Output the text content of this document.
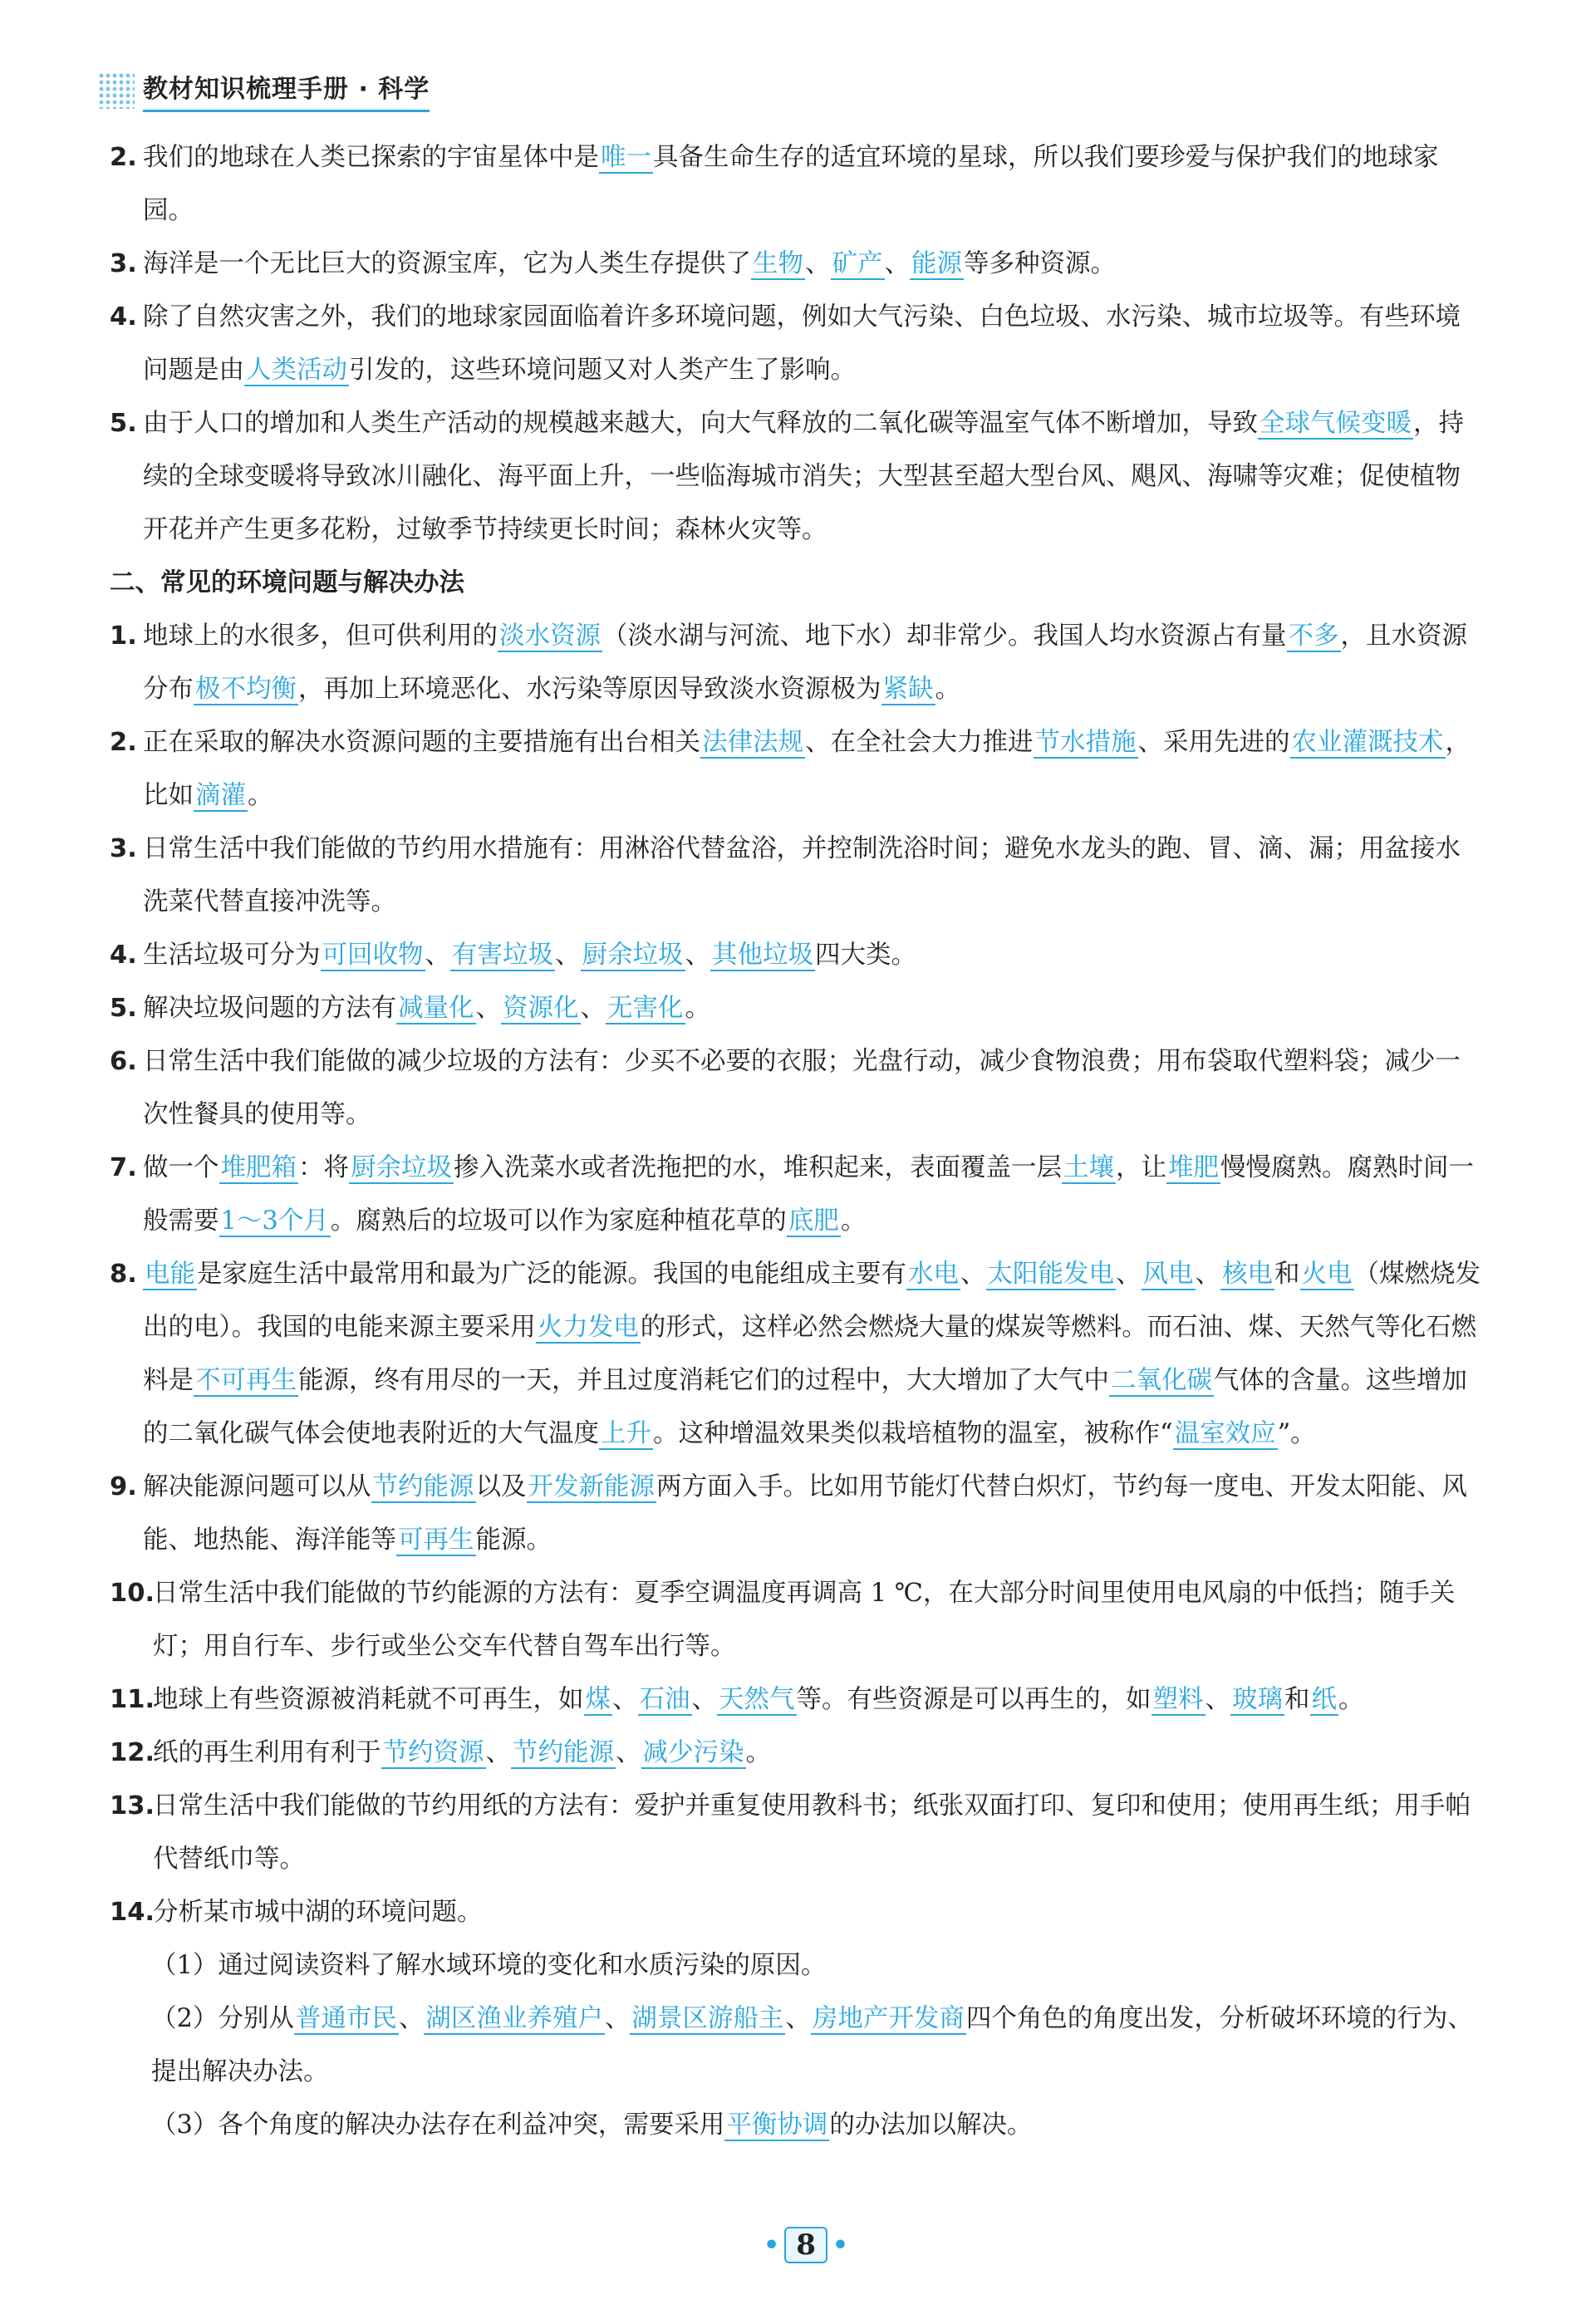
教材知识梳理手册 · 科学
2. 我们的地球在人类已探索的宇宙星体中是唯一具备生命生存的适宜环境的星球，所以我们要珍爱与保护我们的地球家园。
3. 海洋是一个无比巨大的资源宝库，它为人类生存提供了生物、矿产、能源等多种资源。
4. 除了自然灾害之外，我们的地球家园面临着许多环境问题，例如大气污染、白色垃圾、水污染、城市垃圾等。有些环境问题是由人类活动引发的，这些环境问题又对人类产生了影响。
5. 由于人口的增加和人类生产活动的规模越来越大，向大气释放的二氧化碳等温室气体不断增加，导致全球气候变暖，持续的全球变暖将导致冰川融化、海平面上升，一些临海城市消失；大型甚至超大型台风、飓风、海啸等灾难；促使植物开花并产生更多花粉，过敏季节持续更长时间；森林火灾等。
二、常见的环境问题与解决办法
1. 地球上的水很多，但可供利用的淡水资源（淡水湖与河流、地下水）却非常少。我国人均水资源占有量不多，且水资源分布极不均衡，再加上环境恶化、水污染等原因导致淡水资源极为紧缺。
2. 正在采取的解决水资源问题的主要措施有出台相关法律法规、在全社会大力推进节水措施、采用先进的农业灌溉技术，比如滴灌。
3. 日常生活中我们能做的节约用水措施有：用淋浴代替盆浴，并控制洗浴时间；避免水龙头的跑、冒、滴、漏；用盆接水洗菜代替直接冲洗等。
4. 生活垃圾可分为可回收物、有害垃圾、厨余垃圾、其他垃圾四大类。
5. 解决垃圾问题的方法有减量化、资源化、无害化。
6. 日常生活中我们能做的减少垃圾的方法有：少买不必要的衣服；光盘行动，减少食物浪费；用布袋取代塑料袋；减少一次性餐具的使用等。
7. 做一个堆肥箱：将厨余垃圾掺入洗菜水或者洗拖把的水，堆积起来，表面覆盖一层土壤，让堆肥慢慢腐熟。腐熟时间一般需要1～3个月。腐熟后的垃圾可以作为家庭种植花草的底肥。
8. 电能是家庭生活中最常用和最为广泛的能源。我国的电能组成主要有水电、太阳能发电、风电、核电和火电（煤燃烧发出的电）。我国的电能来源主要采用火力发电的形式，这样必然会燃烧大量的煤炭等燃料。而石油、煤、天然气等化石燃料是不可再生能源，终有用尽的一天，并且过度消耗它们的过程中，大大增加了大气中二氧化碳气体的含量。这些增加的二氧化碳气体会使地表附近的大气温度上升。这种增温效果类似栽培植物的温室，被称作“温室效应”。
9. 解决能源问题可以从节约能源以及开发新能源两方面入手。比如用节能灯代替白炽灯，节约每一度电、开发太阳能、风能、地热能、海洋能等可再生能源。
10.
日常生活中我们能做的节约能源的方法有：夏季空调温度再调高 1 ℃，在大部分时间里使用电风扇的中低挡；随手关灯；用自行车、步行或坐公交车代替自驾车出行等。
11.
地球上有些资源被消耗就不可再生，如煤、石油、天然气等。有些资源是可以再生的，如塑料、玻璃和纸。
12.
纸的再生利用有利于节约资源、节约能源、减少污染。
13.
日常生活中我们能做的节约用纸的方法有：爱护并重复使用教科书；纸张双面打印、复印和使用；使用再生纸；用手帕代替纸巾等。
14.
分析某市城中湖的环境问题。
（1）通过阅读资料了解水域环境的变化和水质污染的原因。
（2）分别从普通市民、湖区渔业养殖户、湖景区游船主、房地产开发商四个角色的角度出发，分析破坏环境的行为、提出解决办法。
（3）各个角度的解决办法存在利益冲突，需要采用平衡协调的办法加以解决。
• 8 •
